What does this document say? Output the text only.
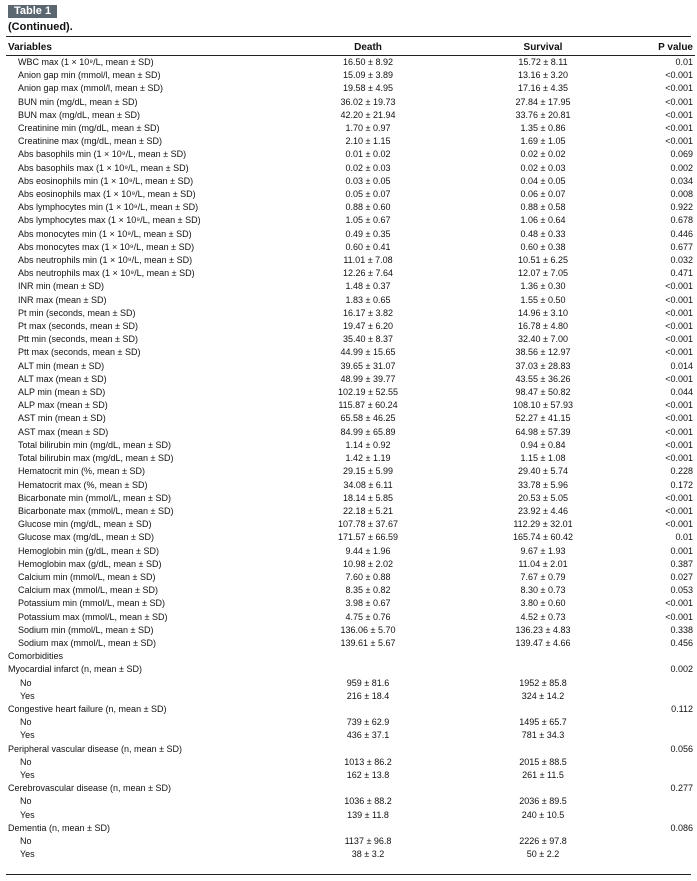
Table 1
(Continued).
Variables	Death	Survival	P value
WBC max (1 × 10⁹/L, mean ± SD)	16.50 ± 8.92	15.72 ± 8.11	0.01
Anion gap min (mmol/l, mean ± SD)	15.09 ± 3.89	13.16 ± 3.20	<0.001
Anion gap max (mmol/l, mean ± SD)	19.58 ± 4.95	17.16 ± 4.35	<0.001
BUN min (mg/dL, mean ± SD)	36.02 ± 19.73	27.84 ± 17.95	<0.001
BUN max (mg/dL, mean ± SD)	42.20 ± 21.94	33.76 ± 20.81	<0.001
Creatinine min (mg/dL, mean ± SD)	1.70 ± 0.97	1.35 ± 0.86	<0.001
Creatinine max (mg/dL, mean ± SD)	2.10 ± 1.15	1.69 ± 1.05	<0.001
Abs basophils min (1 × 10⁹/L, mean ± SD)	0.01 ± 0.02	0.02 ± 0.02	0.069
Abs basophils max (1 × 10⁹/L, mean ± SD)	0.02 ± 0.03	0.02 ± 0.03	0.002
Abs eosinophils min (1 × 10⁹/L, mean ± SD)	0.03 ± 0.05	0.04 ± 0.05	0.034
Abs eosinophils max (1 × 10⁹/L, mean ± SD)	0.05 ± 0.07	0.06 ± 0.07	0.008
Abs lymphocytes min (1 × 10⁹/L, mean ± SD)	0.88 ± 0.60	0.88 ± 0.58	0.922
Abs lymphocytes max (1 × 10⁹/L, mean ± SD)	1.05 ± 0.67	1.06 ± 0.64	0.678
Abs monocytes min (1 × 10⁹/L, mean ± SD)	0.49 ± 0.35	0.48 ± 0.33	0.446
Abs monocytes max (1 × 10⁹/L, mean ± SD)	0.60 ± 0.41	0.60 ± 0.38	0.677
Abs neutrophils min (1 × 10⁹/L, mean ± SD)	11.01 ± 7.08	10.51 ± 6.25	0.032
Abs neutrophils max (1 × 10⁹/L, mean ± SD)	12.26 ± 7.64	12.07 ± 7.05	0.471
INR min (mean ± SD)	1.48 ± 0.37	1.36 ± 0.30	<0.001
INR max (mean ± SD)	1.83 ± 0.65	1.55 ± 0.50	<0.001
Pt min (seconds, mean ± SD)	16.17 ± 3.82	14.96 ± 3.10	<0.001
Pt max (seconds, mean ± SD)	19.47 ± 6.20	16.78 ± 4.80	<0.001
Ptt min (seconds, mean ± SD)	35.40 ± 8.37	32.40 ± 7.00	<0.001
Ptt max (seconds, mean ± SD)	44.99 ± 15.65	38.56 ± 12.97	<0.001
ALT min (mean ± SD)	39.65 ± 31.07	37.03 ± 28.83	0.014
ALT max (mean ± SD)	48.99 ± 39.77	43.55 ± 36.26	<0.001
ALP min (mean ± SD)	102.19 ± 52.55	98.47 ± 50.82	0.044
ALP max (mean ± SD)	115.87 ± 60.24	108.10 ± 57.93	<0.001
AST min (mean ± SD)	65.58 ± 46.25	52.27 ± 41.15	<0.001
AST max (mean ± SD)	84.99 ± 65.89	64.98 ± 57.39	<0.001
Total bilirubin min (mg/dL, mean ± SD)	1.14 ± 0.92	0.94 ± 0.84	<0.001
Total bilirubin max (mg/dL, mean ± SD)	1.42 ± 1.19	1.15 ± 1.08	<0.001
Hematocrit min (%, mean ± SD)	29.15 ± 5.99	29.40 ± 5.74	0.228
Hematocrit max (%, mean ± SD)	34.08 ± 6.11	33.78 ± 5.96	0.172
Bicarbonate min (mmol/L, mean ± SD)	18.14 ± 5.85	20.53 ± 5.05	<0.001
Bicarbonate max (mmol/L, mean ± SD)	22.18 ± 5.21	23.92 ± 4.46	<0.001
Glucose min (mg/dL, mean ± SD)	107.78 ± 37.67	112.29 ± 32.01	<0.001
Glucose max (mg/dL, mean ± SD)	171.57 ± 66.59	165.74 ± 60.42	0.01
Hemoglobin min (g/dL, mean ± SD)	9.44 ± 1.96	9.67 ± 1.93	0.001
Hemoglobin max (g/dL, mean ± SD)	10.98 ± 2.02	11.04 ± 2.01	0.387
Calcium min (mmol/L, mean ± SD)	7.60 ± 0.88	7.67 ± 0.79	0.027
Calcium max (mmol/L, mean ± SD)	8.35 ± 0.82	8.30 ± 0.73	0.053
Potassium min (mmol/L, mean ± SD)	3.98 ± 0.67	3.80 ± 0.60	<0.001
Potassium max (mmol/L, mean ± SD)	4.75 ± 0.76	4.52 ± 0.73	<0.001
Sodium min (mmol/L, mean ± SD)	136.06 ± 5.70	136.23 ± 4.83	0.338
Sodium max (mmol/L, mean ± SD)	139.61 ± 5.67	139.47 ± 4.66	0.456
Comorbidities			
Myocardial infarct (n, mean ± SD)			0.002
No	959 ± 81.6	1952 ± 85.8	
Yes	216 ± 18.4	324 ± 14.2	
Congestive heart failure (n, mean ± SD)			0.112
No	739 ± 62.9	1495 ± 65.7	
Yes	436 ± 37.1	781 ± 34.3	
Peripheral vascular disease (n, mean ± SD)			0.056
No	1013 ± 86.2	2015 ± 88.5	
Yes	162 ± 13.8	261 ± 11.5	
Cerebrovascular disease (n, mean ± SD)			0.277
No	1036 ± 88.2	2036 ± 89.5	
Yes	139 ± 11.8	240 ± 10.5	
Dementia (n, mean ± SD)			0.086
No	1137 ± 96.8	2226 ± 97.8	
Yes	38 ± 3.2	50 ± 2.2	
